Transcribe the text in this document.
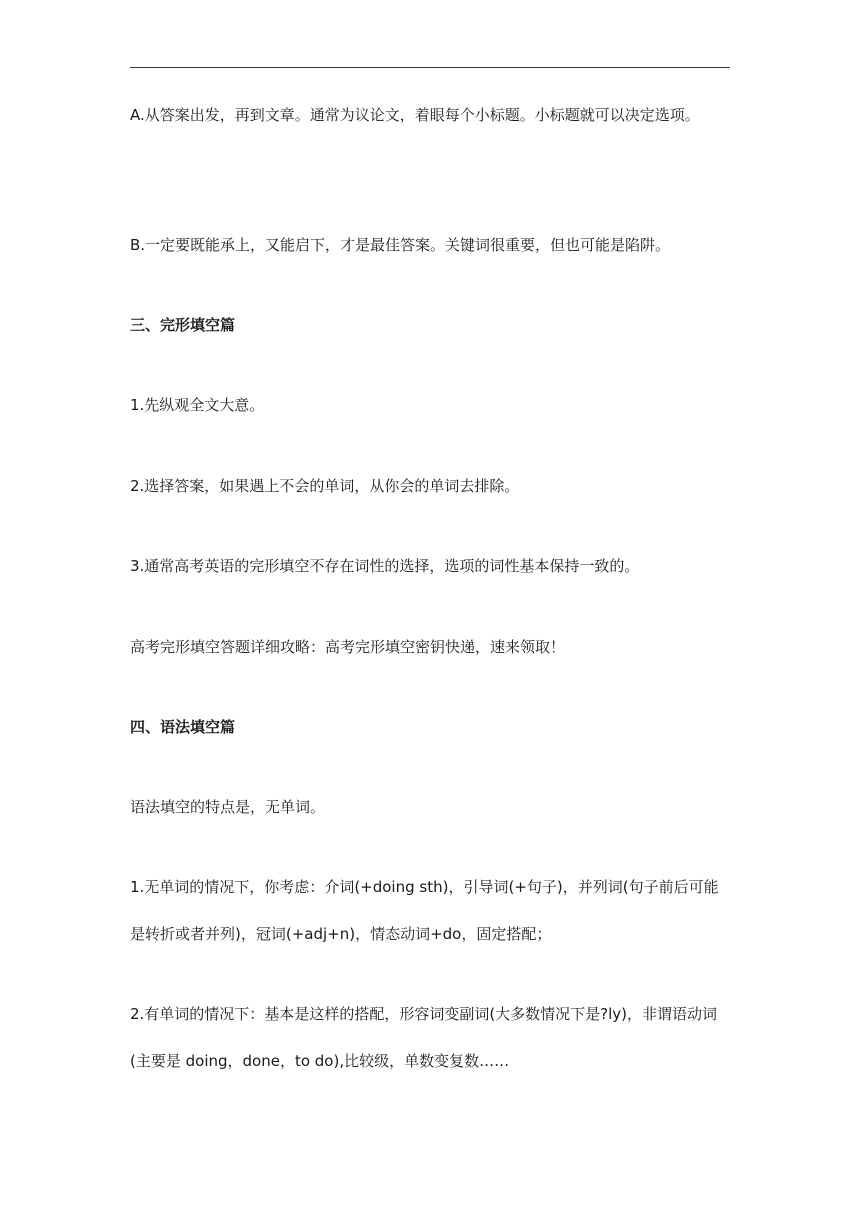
A.从答案出发，再到文章。通常为议论文，着眼每个小标题。小标题就可以决定选项。

B.一定要既能承上，又能启下，才是最佳答案。关键词很重要，但也可能是陷阱。

三、完形填空篇

1.先纵观全文大意。

2.选择答案，如果遇上不会的单词，从你会的单词去排除。

3.通常高考英语的完形填空不存在词性的选择，选项的词性基本保持一致的。

高考完形填空答题详细攻略：高考完形填空密钥快递，速来领取！

四、语法填空篇

语法填空的特点是，无单词。

1.无单词的情况下，你考虑：介词(+doing sth)，引导词(+句子)，并列词(句子前后可能是转折或者并列)，冠词(+adj+n)，情态动词+do，固定搭配；

2.有单词的情况下：基本是这样的搭配，形容词变副词(大多数情况下是?ly)，非谓语动词(主要是 doing，done，to do),比较级，单数变复数……
